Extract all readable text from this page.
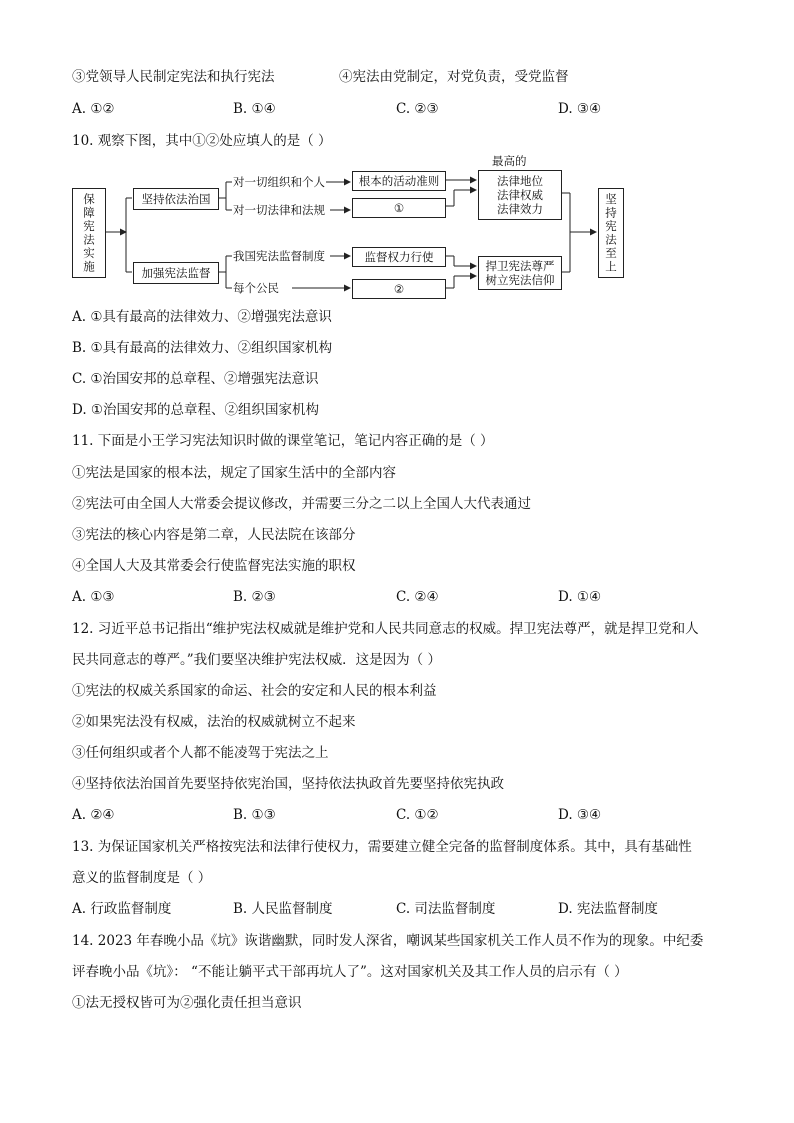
③党领导人民制定宪法和执行宪法	④宪法由党制定，对党负责，受党监督
A. ①②	B. ①④	C. ②③	D. ③④
10. 观察下图，其中①②处应填人的是（ ）
保障宪法实施	坚持依法治国
加强宪法监督
对一切组织和个人
对一切法律和法规
我国宪法监督制度
每个公民
根本的活动准则
①
监督权力行使
②
最高的
法律地位
法律权威
法律效力
捍卫宪法尊严
树立宪法信仰
坚持宪法至上
A. ①具有最高的法律效力、②增强宪法意识
B. ①具有最高的法律效力、②组织国家机构
C. ①治国安邦的总章程、②增强宪法意识
D. ①治国安邦的总章程、②组织国家机构
11. 下面是小王学习宪法知识时做的课堂笔记，笔记内容正确的是（ ）
①宪法是国家的根本法，规定了国家生活中的全部内容
②宪法可由全国人大常委会提议修改，并需要三分之二以上全国人大代表通过
③宪法的核心内容是第二章，人民法院在该部分
④全国人大及其常委会行使监督宪法实施的职权
A. ①③	B. ②③	C. ②④	D. ①④
12. 习近平总书记指出“维护宪法权威就是维护党和人民共同意志的权威。捍卫宪法尊严，就是捍卫党和人
民共同意志的尊严。”我们要坚决维护宪法权威．这是因为（ ）
①宪法的权威关系国家的命运、社会的安定和人民的根本利益
②如果宪法没有权威，法治的权威就树立不起来
③任何组织或者个人都不能凌驾于宪法之上
④坚持依法治国首先要坚持依宪治国，坚持依法执政首先要坚持依宪执政
A. ②④	B. ①③	C. ①②	D. ③④
13. 为保证国家机关严格按宪法和法律行使权力，需要建立健全完备的监督制度体系。其中，具有基础性
意义的监督制度是（ ）
A. 行政监督制度	B. 人民监督制度	C. 司法监督制度	D. 宪法监督制度
14. 2023 年春晚小品《坑》诙谐幽默，同时发人深省，嘲讽某些国家机关工作人员不作为的现象。中纪委
评春晚小品《坑》： “不能让躺平式干部再坑人了”。这对国家机关及其工作人员的启示有（ ）
①法无授权皆可为②强化责任担当意识
